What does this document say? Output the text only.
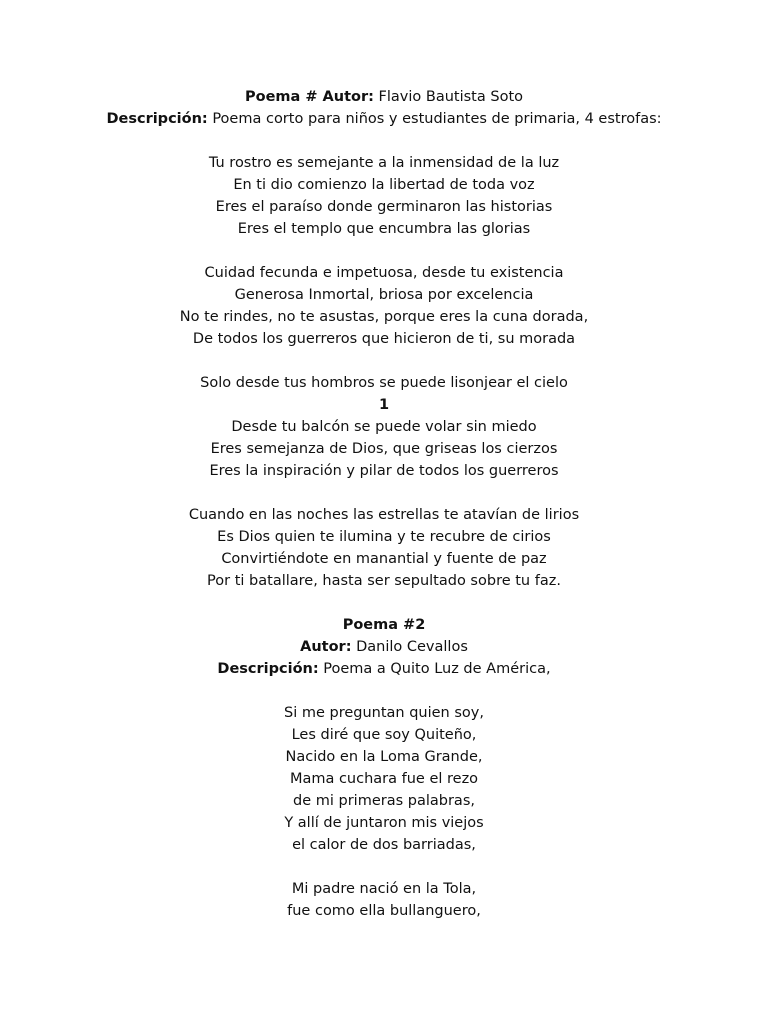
Poema # Autor: Flavio Bautista Soto
Descripción: Poema corto para niños y estudiantes de primaria, 4 estrofas:
Tu rostro es semejante a la inmensidad de la luz
En ti dio comienzo la libertad de toda voz
Eres el paraíso donde germinaron las historias
Eres el templo que encumbra las glorias
Cuidad fecunda e impetuosa, desde tu existencia
Generosa Inmortal, briosa por excelencia
No te rindes, no te asustas, porque eres la cuna dorada,
De todos los guerreros que hicieron de ti, su morada
Solo desde tus hombros se puede lisonjear el cielo
1
Desde tu balcón se puede volar sin miedo
Eres semejanza de Dios, que griseas los cierzos
Eres la inspiración y pilar de todos los guerreros
Cuando en las noches las estrellas te atavían de lirios
Es Dios quien te ilumina y te recubre de cirios
Convirtiéndote en manantial y fuente de paz
Por ti batallare, hasta ser sepultado sobre tu faz.
Poema #2
Autor: Danilo Cevallos
Descripción: Poema a Quito Luz de América,
Si me preguntan quien soy,
Les diré que soy Quiteño,
Nacido en la Loma Grande,
Mama cuchara fue el rezo
de mi primeras palabras,
Y allí de juntaron mis viejos
el calor de dos barriadas,
Mi padre nació en la Tola,
fue como ella bullanguero,
